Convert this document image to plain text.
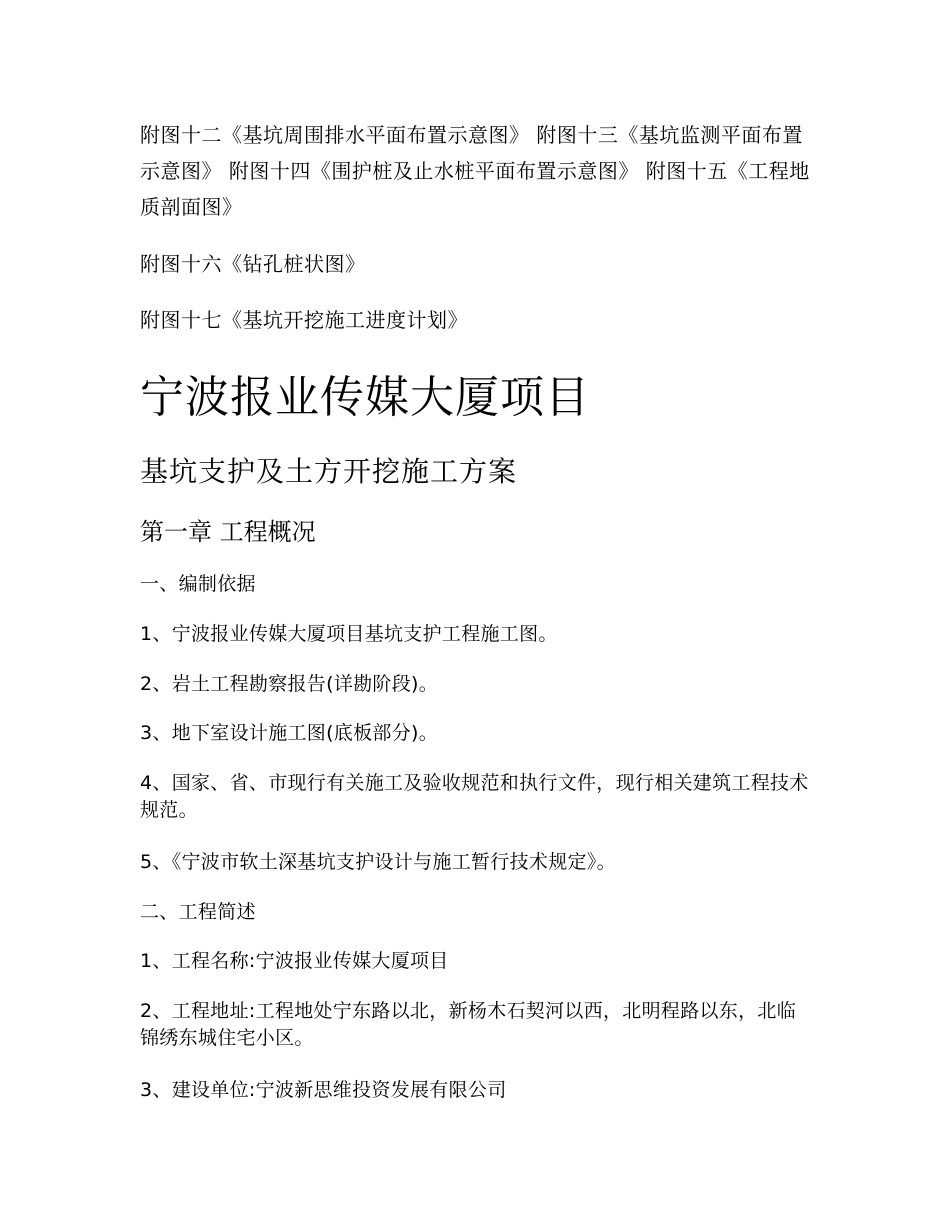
附图十二《基坑周围排水平面布置示意图》 附图十三《基坑监测平面布置示意图》 附图十四《围护桩及止水桩平面布置示意图》 附图十五《工程地质剖面图》

附图十六《钻孔桩状图》

附图十七《基坑开挖施工进度计划》

宁波报业传媒大厦项目
基坑支护及土方开挖施工方案
第一章 工程概况

一、编制依据

1、宁波报业传媒大厦项目基坑支护工程施工图。

2、岩土工程勘察报告(详勘阶段)。

3、地下室设计施工图(底板部分)。

4、国家、省、市现行有关施工及验收规范和执行文件，现行相关建筑工程技术规范。

5、《宁波市软土深基坑支护设计与施工暂行技术规定》。

二、工程简述

1、工程名称:宁波报业传媒大厦项目

2、工程地址:工程地处宁东路以北，新杨木石契河以西，北明程路以东，北临锦绣东城住宅小区。

3、建设单位:宁波新思维投资发展有限公司
